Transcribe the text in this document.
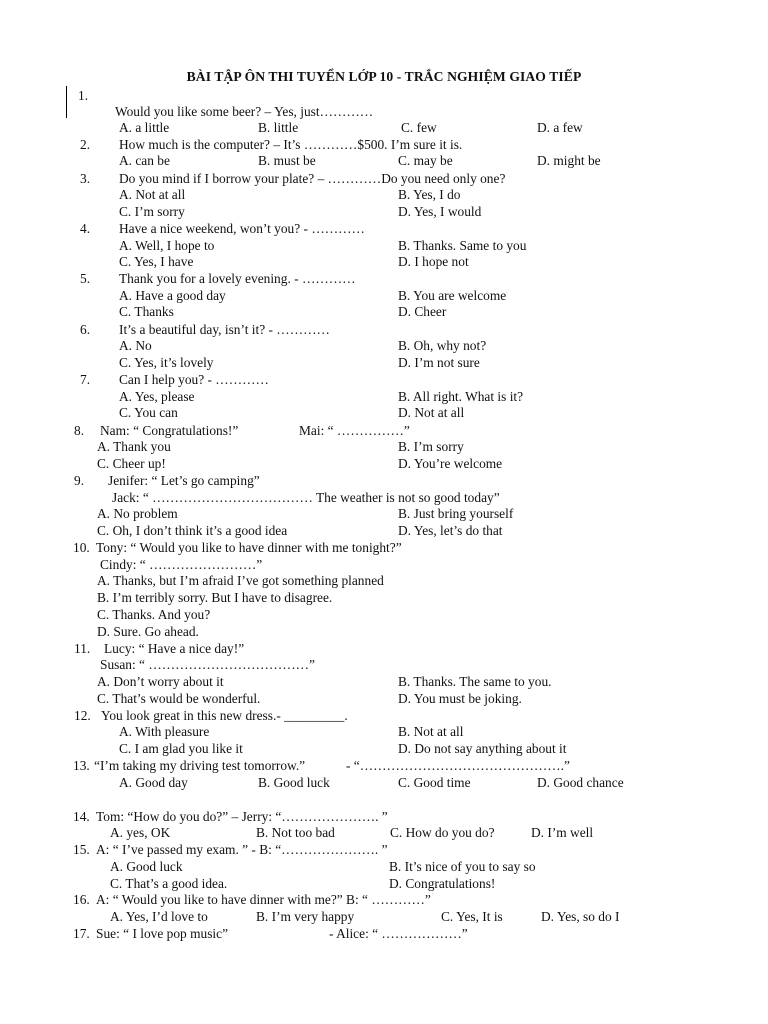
BÀI TẬP ÔN THI TUYỂN LỚP 10 - TRẮC NGHIỆM GIAO TIẾP
1.
Would you like some beer? – Yes, just…………
A. a little	B. little	C. few	D. a few
2. How much is the computer? – It’s …………$500. I’m sure it is.
A. can be	B. must be	C. may be	D. might be
3. Do you mind if I borrow your plate? – …………Do you need only one?
A. Not at all	B. Yes, I do
C. I’m sorry	D. Yes, I would
4. Have a nice weekend, won’t you? - …………
A. Well, I hope to	B. Thanks. Same to you
C. Yes, I have	D. I hope not
5. Thank you for a lovely evening. - …………
A. Have a good day	B. You are welcome
C. Thanks	D. Cheer
6. It’s a beautiful day, isn’t it? - …………
A. No	B. Oh, why not?
C. Yes, it’s lovely	D. I’m not sure
7. Can I help you? - …………
A. Yes, please	B. All right. What is it?
C. You can	D. Not at all
8. Nam: “ Congratulations!”	Mai: “ ……………”
A. Thank you	B. I’m sorry
C. Cheer up!	D. You’re welcome
9. Jenifer: “ Let’s go camping”
Jack: “ ……………………………… The weather is not so good today”
A. No problem	B. Just bring yourself
C. Oh, I don’t think it’s a good idea	D. Yes, let’s do that
10. Tony: “ Would you like to have dinner with me tonight?”
Cindy: “ ……………………”
A. Thanks, but I’m afraid I’ve got something planned
B. I’m terribly sorry. But I have to disagree.
C. Thanks. And you?
D. Sure. Go ahead.
11. Lucy: “ Have a nice day!”
Susan: “ ………………………………”
A. Don’t worry about it	B. Thanks. The same to you.
C. That’s would be wonderful.	D. You must be joking.
12. You look great in this new dress.- _________.
A. With pleasure	B. Not at all
C. I am glad you like it	D. Do not say anything about it
13. “I’m taking my driving test tomorrow.”	- “……………………………………….”
A. Good day	B. Good luck	C. Good time	D. Good chance
14. Tom: “How do you do?” – Jerry: “…………………. ”
A. yes, OK	B. Not too bad	C. How do you do?	D. I’m well
15. A: “ I’ve passed my exam. ” - B: “…………………. ”
A. Good luck	B. It’s nice of you to say so
C. That’s a good idea.	D. Congratulations!
16. A: “ Would you like to have dinner with me?” B: “ …………”
A. Yes, I’d love to	B. I’m very happy	C. Yes, It is	D. Yes, so do I
17. Sue: “ I love pop music”	- Alice: “ ………………”
